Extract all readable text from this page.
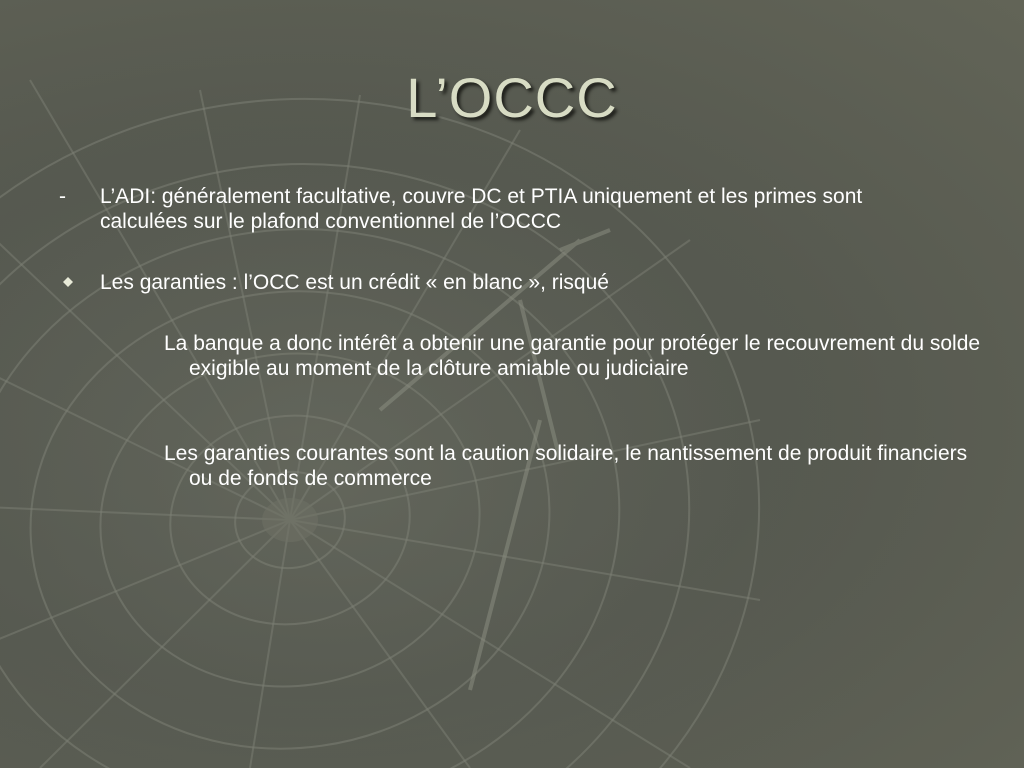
L’OCCC
- L’ADI: généralement facultative, couvre DC et PTIA uniquement et les primes sont calculées sur le plafond conventionnel de l’OCCC
Les garanties : l’OCC est un crédit « en blanc », risqué
La banque a donc intérêt a obtenir une garantie pour protéger le recouvrement du solde exigible au moment de la clôture amiable ou judiciaire
Les garanties courantes sont la caution solidaire, le nantissement de produit financiers ou de fonds de commerce
